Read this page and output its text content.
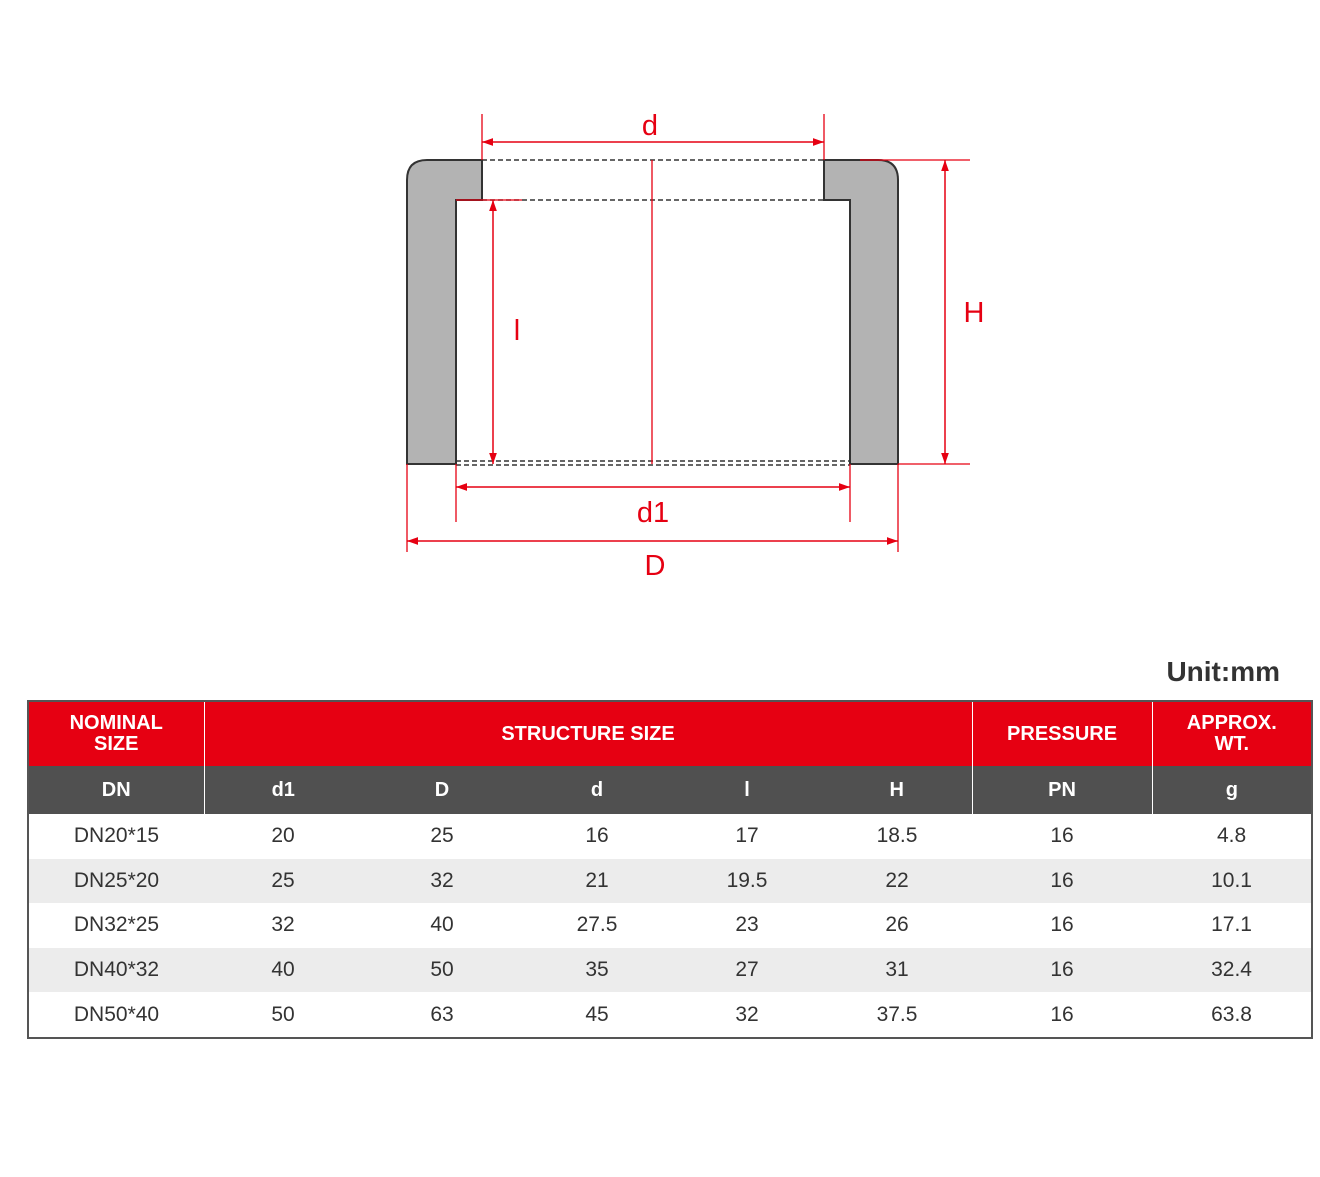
d
l
H
d1
D
Unit:mm
NOMINAL SIZE	STRUCTURE SIZE					PRESSURE	APPROX. WT.
DN	d1	D	d	l	H	PN	g
DN20*15	20	25	16	17	18.5	16	4.8
DN25*20	25	32	21	19.5	22	16	10.1
DN32*25	32	40	27.5	23	26	16	17.1
DN40*32	40	50	35	27	31	16	32.4
DN50*40	50	63	45	32	37.5	16	63.8
